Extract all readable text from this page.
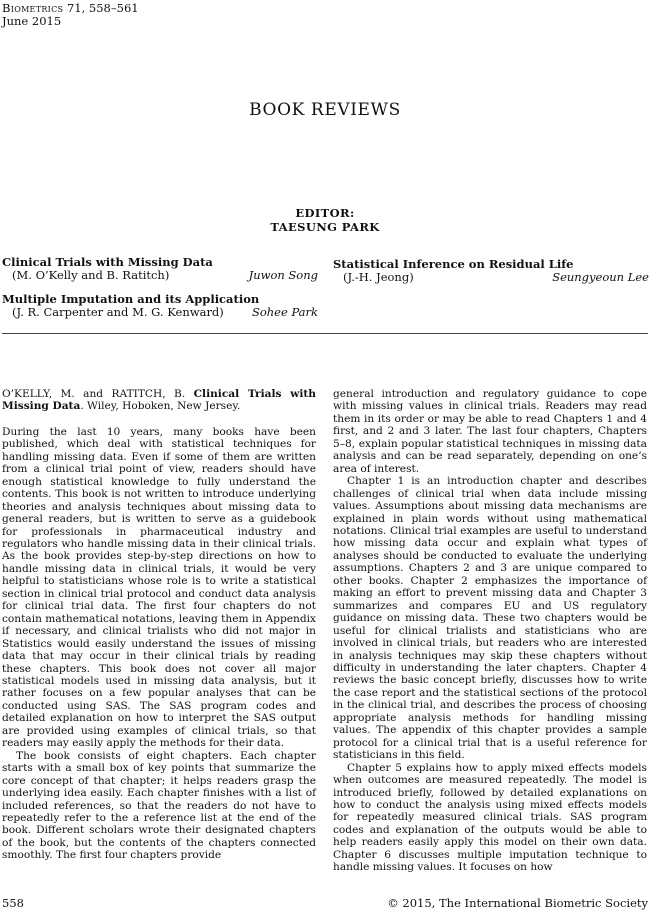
Biometrics 71, 558–561
June 2015
BOOK REVIEWS
EDITOR:
TAESUNG PARK
Clinical Trials with Missing Data
(M. O’Kelly and B. Ratitch)	Juwon Song
Multiple Imputation and its Application
(J. R. Carpenter and M. G. Kenward) Sohee Park
Statistical Inference on Residual Life
(J.-H. Jeong)	Seungyeoun Lee

O’KELLY, M. and RATITCH, B. Clinical Trials with Missing Data. Wiley, Hoboken, New Jersey.

During the last 10 years, many books have been published, which deal with statistical techniques for handling missing data. Even if some of them are written from a clinical trial point of view, readers should have enough statistical knowledge to fully understand the contents. This book is not written to introduce underlying theories and analysis techniques about missing data to general readers, but is written to serve as a guidebook for professionals in pharmaceutical industry and regulators who handle missing data in their clinical trials. As the book provides step-by-step directions on how to handle missing data in clinical trials, it would be very helpful to statisticians whose role is to write a statistical section in clinical trial protocol and conduct data analysis for clinical trial data. The first four chapters do not contain mathematical notations, leaving them in Appendix if necessary, and clinical trialists who did not major in Statistics would easily understand the issues of missing data that may occur in their clinical trials by reading these chapters. This book does not cover all major statistical models used in missing data analysis, but it rather focuses on a few popular analyses that can be conducted using SAS. The SAS program codes and detailed explanation on how to interpret the SAS output are provided using examples of clinical trials, so that readers may easily apply the methods for their data.

The book consists of eight chapters. Each chapter starts with a small box of key points that summarize the core concept of that chapter; it helps readers grasp the underlying idea easily. Each chapter finishes with a list of included references, so that the readers do not have to repeatedly refer to the a reference list at the end of the book. Different scholars wrote their designated chapters of the book, but the contents of the chapters connected smoothly. The first four chapters provide

general introduction and regulatory guidance to cope with missing values in clinical trials. Readers may read them in its order or may be able to read Chapters 1 and 4 first, and 2 and 3 later. The last four chapters, Chapters 5–8, explain popular statistical techniques in missing data analysis and can be read separately, depending on one’s area of interest.

Chapter 1 is an introduction chapter and describes challenges of clinical trial when data include missing values. Assumptions about missing data mechanisms are explained in plain words without using mathematical notations. Clinical trial examples are useful to understand how missing data occur and explain what types of analyses should be conducted to evaluate the underlying assumptions. Chapters 2 and 3 are unique compared to other books. Chapter 2 emphasizes the importance of making an effort to prevent missing data and Chapter 3 summarizes and compares EU and US regulatory guidance on missing data. These two chapters would be useful for clinical trialists and statisticians who are involved in clinical trials, but readers who are interested in analysis techniques may skip these chapters without difficulty in understanding the later chapters. Chapter 4 reviews the basic concept briefly, discusses how to write the case report and the statistical sections of the protocol in the clinical trial, and describes the process of choosing appropriate analysis methods for handling missing values. The appendix of this chapter provides a sample protocol for a clinical trial that is a useful reference for statisticians in this field.

Chapter 5 explains how to apply mixed effects models when outcomes are measured repeatedly. The model is introduced briefly, followed by detailed explanations on how to conduct the analysis using mixed effects models for repeatedly measured clinical trials. SAS program codes and explanation of the outputs would be able to help readers easily apply this model on their own data. Chapter 6 discusses multiple imputation technique to handle missing values. It focuses on how

558	© 2015, The International Biometric Society
